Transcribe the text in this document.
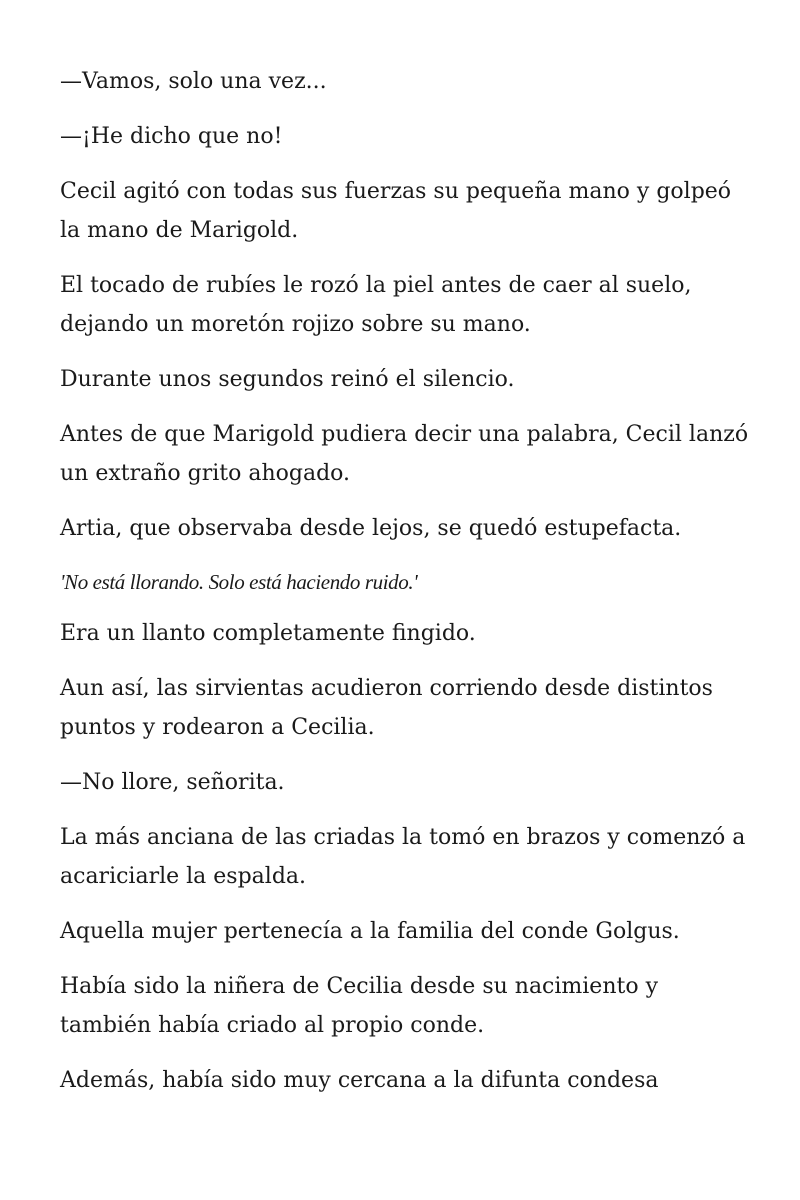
—Vamos, solo una vez...

—¡He dicho que no!

Cecil agitó con todas sus fuerzas su pequeña mano y golpeó la mano de Marigold.

El tocado de rubíes le rozó la piel antes de caer al suelo, dejando un moretón rojizo sobre su mano.

Durante unos segundos reinó el silencio.

Antes de que Marigold pudiera decir una palabra, Cecil lanzó un extraño grito ahogado.

Artia, que observaba desde lejos, se quedó estupefacta.

'No está llorando. Solo está haciendo ruido.'

Era un llanto completamente fingido.

Aun así, las sirvientas acudieron corriendo desde distintos puntos y rodearon a Cecilia.

—No llore, señorita.

La más anciana de las criadas la tomó en brazos y comenzó a acariciarle la espalda.

Aquella mujer pertenecía a la familia del conde Golgus.

Había sido la niñera de Cecilia desde su nacimiento y también había criado al propio conde.

Además, había sido muy cercana a la difunta condesa
